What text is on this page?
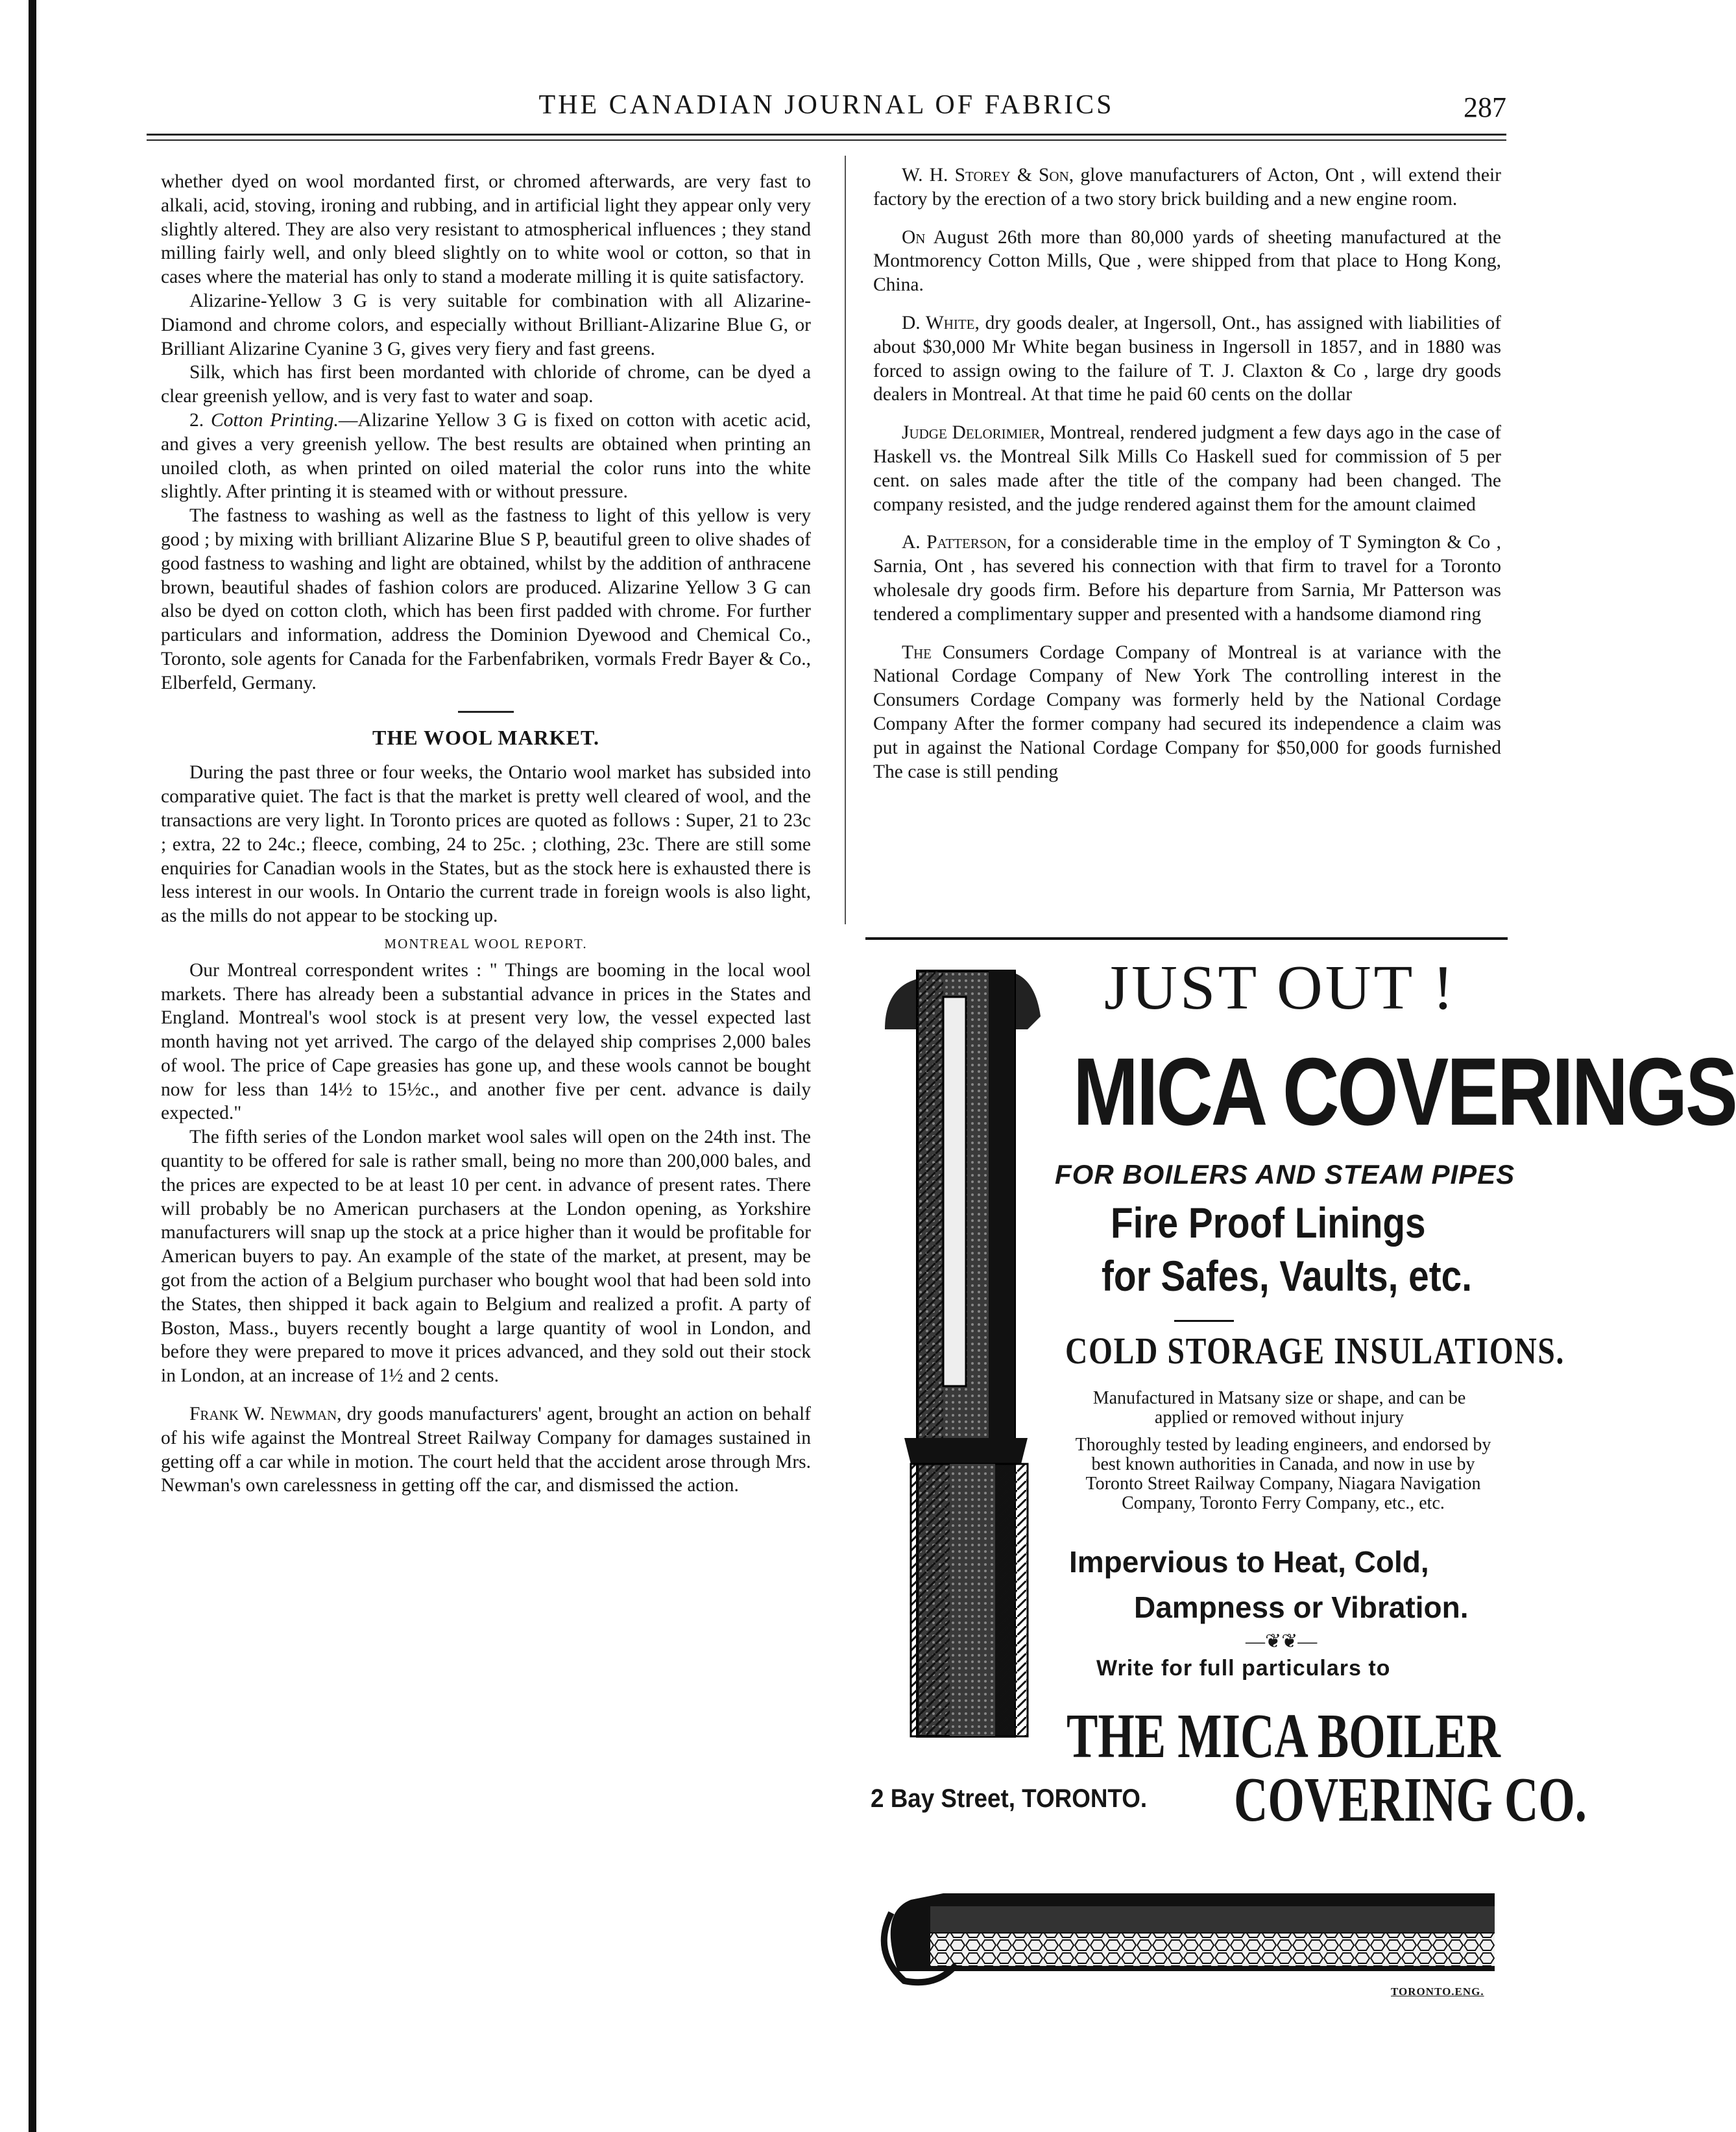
THE CANADIAN JOURNAL OF FABRICS	287

whether dyed on wool mordanted first, or chromed afterwards, are very fast to alkali, acid, stoving, ironing and rubbing, and in artificial light they appear only very slightly altered. They are also very resistant to atmospherical influences ; they stand milling fairly well, and only bleed slightly on to white wool or cotton, so that in cases where the material has only to stand a moderate milling it is quite satisfactory.

Alizarine-Yellow 3 G is very suitable for combination with all Alizarine-Diamond and chrome colors, and especially without Brilliant-Alizarine Blue G, or Brilliant Alizarine Cyanine 3 G, gives very fiery and fast greens.

Silk, which has first been mordanted with chloride of chrome, can be dyed a clear greenish yellow, and is very fast to water and soap.

2. Cotton Printing.—Alizarine Yellow 3 G is fixed on cotton with acetic acid, and gives a very greenish yellow. The best results are obtained when printing an unoiled cloth, as when printed on oiled material the color runs into the white slightly. After printing it is steamed with or without pressure.

The fastness to washing as well as the fastness to light of this yellow is very good ; by mixing with brilliant Alizarine Blue S P, beautiful green to olive shades of good fastness to washing and light are obtained, whilst by the addition of anthracene brown, beautiful shades of fashion colors are produced. Alizarine Yellow 3 G can also be dyed on cotton cloth, which has been first padded with chrome. For further particulars and information, address the Dominion Dyewood and Chemical Co., Toronto, sole agents for Canada for the Farbenfabriken, vormals Fredr Bayer & Co., Elberfeld, Germany.

THE WOOL MARKET.

During the past three or four weeks, the Ontario wool market has subsided into comparative quiet. The fact is that the market is pretty well cleared of wool, and the transactions are very light. In Toronto prices are quoted as follows : Super, 21 to 23c ; extra, 22 to 24c.; fleece, combing, 24 to 25c. ; clothing, 23c. There are still some enquiries for Canadian wools in the States, but as the stock here is exhausted there is less interest in our wools. In Ontario the current trade in foreign wools is also light, as the mills do not appear to be stocking up.

MONTREAL WOOL REPORT.

Our Montreal correspondent writes : " Things are booming in the local wool markets. There has already been a substantial advance in prices in the States and England. Montreal's wool stock is at present very low, the vessel expected last month having not yet arrived. The cargo of the delayed ship comprises 2,000 bales of wool. The price of Cape greasies has gone up, and these wools cannot be bought now for less than 14½ to 15½c., and another five per cent. advance is daily expected."

The fifth series of the London market wool sales will open on the 24th inst. The quantity to be offered for sale is rather small, being no more than 200,000 bales, and the prices are expected to be at least 10 per cent. in advance of present rates. There will probably be no American purchasers at the London opening, as Yorkshire manufacturers will snap up the stock at a price higher than it would be profitable for American buyers to pay. An example of the state of the market, at present, may be got from the action of a Belgium purchaser who bought wool that had been sold into the States, then shipped it back again to Belgium and realized a profit. A party of Boston, Mass., buyers recently bought a large quantity of wool in London, and before they were prepared to move it prices advanced, and they sold out their stock in London, at an increase of 1½ and 2 cents.

Frank W. Newman, dry goods manufacturers' agent, brought an action on behalf of his wife against the Montreal Street Railway Company for damages sustained in getting off a car while in motion. The court held that the accident arose through Mrs. Newman's own carelessness in getting off the car, and dismissed the action.

W. H. Storey & Son, glove manufacturers of Acton, Ont , will extend their factory by the erection of a two story brick building and a new engine room.

On August 26th more than 80,000 yards of sheeting manufactured at the Montmorency Cotton Mills, Que , were shipped from that place to Hong Kong, China.

D. White, dry goods dealer, at Ingersoll, Ont., has assigned with liabilities of about $30,000 Mr White began business in Ingersoll in 1857, and in 1880 was forced to assign owing to the failure of T. J. Claxton & Co , large dry goods dealers in Montreal. At that time he paid 60 cents on the dollar

Judge Delorimier, Montreal, rendered judgment a few days ago in the case of Haskell vs. the Montreal Silk Mills Co Haskell sued for commission of 5 per cent. on sales made after the title of the company had been changed. The company resisted, and the judge rendered against them for the amount claimed

A. Patterson, for a considerable time in the employ of T Symington & Co , Sarnia, Ont , has severed his connection with that firm to travel for a Toronto wholesale dry goods firm. Before his departure from Sarnia, Mr Patterson was tendered a complimentary supper and presented with a handsome diamond ring

The Consumers Cordage Company of Montreal is at variance with the National Cordage Company of New York The controlling interest in the Consumers Cordage Company was formerly held by the National Cordage Company After the former company had secured its independence a claim was put in against the National Cordage Company for $50,000 for goods furnished The case is still pending

JUST OUT !
MICA COVERINGS
FOR BOILERS AND STEAM PIPES
Fire Proof Linings
for Safes, Vaults, etc.
COLD STORAGE INSULATIONS.
Manufactured in Matsany size or shape, and can be applied or removed without injury
Thoroughly tested by leading engineers, and endorsed by best known authorities in Canada, and now in use by Toronto Street Railway Company, Niagara Navigation Company, Toronto Ferry Company, etc., etc.
Impervious to Heat, Cold,
Dampness or Vibration.
—❦❦—
Write for full particulars to
THE MICA BOILER
2 Bay Street, TORONTO. COVERING CO.
TORONTO.ENG.
